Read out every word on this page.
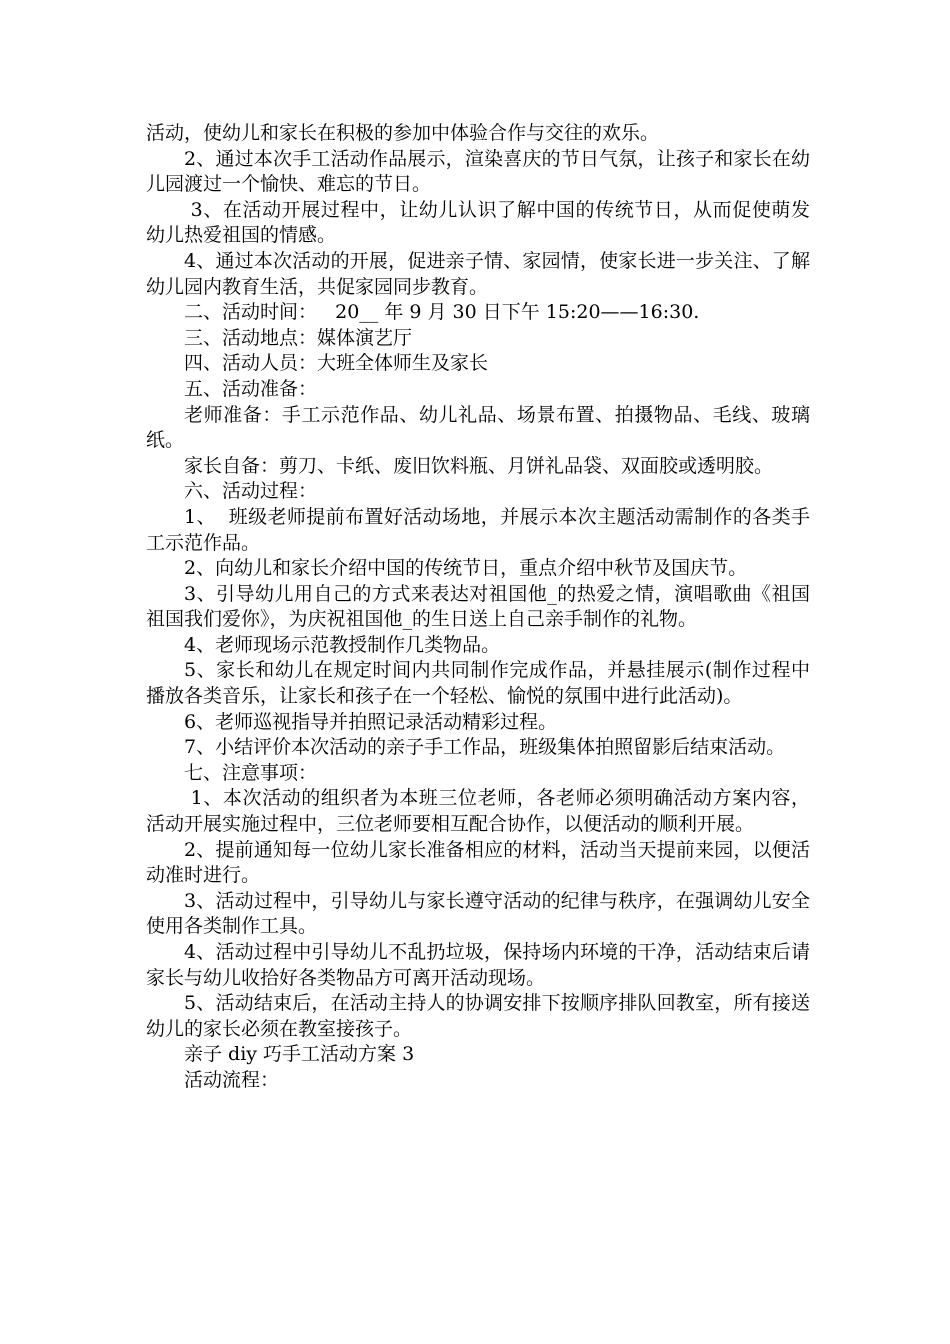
活动，使幼儿和家长在积极的参加中体验合作与交往的欢乐。

2、通过本次手工活动作品展示，渲染喜庆的节日气氛，让孩子和家长在幼儿园渡过一个愉快、难忘的节日。

3、在活动开展过程中，让幼儿认识了解中国的传统节日，从而促使萌发幼儿热爱祖国的情感。

4、通过本次活动的开展，促进亲子情、家园情，使家长进一步关注、了解幼儿园内教育生活，共促家园同步教育。

二、活动时间：   20__ 年 9 月 30 日下午 15:20——16:30.

三、活动地点：媒体演艺厅

四、活动人员：大班全体师生及家长

五、活动准备：

老师准备：手工示范作品、幼儿礼品、场景布置、拍摄物品、毛线、玻璃纸。

家长自备：剪刀、卡纸、废旧饮料瓶、月饼礼品袋、双面胶或透明胶。

六、活动过程：

1、  班级老师提前布置好活动场地，并展示本次主题活动需制作的各类手工示范作品。

2、向幼儿和家长介绍中国的传统节日，重点介绍中秋节及国庆节。

3、引导幼儿用自己的方式来表达对祖国他_的热爱之情，演唱歌曲《祖国祖国我们爱你》，为庆祝祖国他_的生日送上自己亲手制作的礼物。

4、老师现场示范教授制作几类物品。

5、家长和幼儿在规定时间内共同制作完成作品，并悬挂展示(制作过程中播放各类音乐，让家长和孩子在一个轻松、愉悦的氛围中进行此活动)。

6、老师巡视指导并拍照记录活动精彩过程。

7、小结评价本次活动的亲子手工作品，班级集体拍照留影后结束活动。

七、注意事项：

1、本次活动的组织者为本班三位老师，各老师必须明确活动方案内容，活动开展实施过程中，三位老师要相互配合协作，以便活动的顺利开展。

2、提前通知每一位幼儿家长准备相应的材料，活动当天提前来园，以便活动准时进行。

3、活动过程中，引导幼儿与家长遵守活动的纪律与秩序，在强调幼儿安全使用各类制作工具。

4、活动过程中引导幼儿不乱扔垃圾，保持场内环境的干净，活动结束后请家长与幼儿收拾好各类物品方可离开活动现场。

5、活动结束后，在活动主持人的协调安排下按顺序排队回教室，所有接送幼儿的家长必须在教室接孩子。

亲子 diy 巧手工活动方案 3

活动流程：
